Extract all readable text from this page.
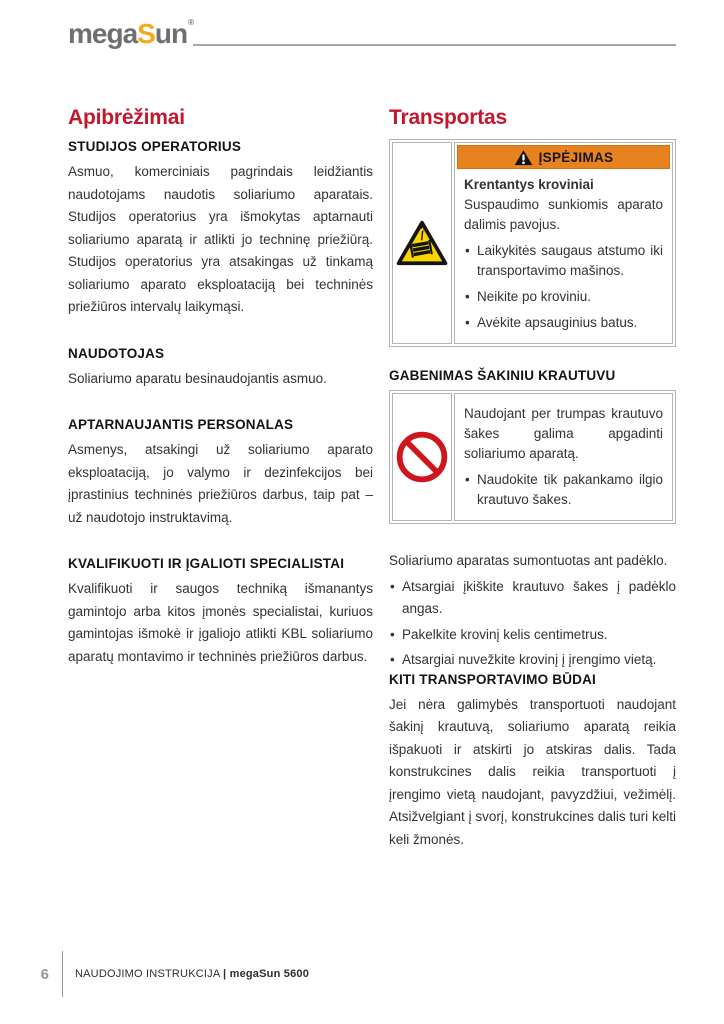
megaSun®
Apibrėžimai
STUDIJOS OPERATORIUS

Asmuo, komerciniais pagrindais leidžiantis naudotojams naudotis soliariumo aparatais. Studijos operatorius yra išmokytas aptarnauti soliariumo aparatą ir atlikti jo techninę priežiūrą. Studijos operatorius yra atsakingas už tinkamą soliariumo aparato eksploataciją bei techninės priežiūros intervalų laikymąsi.

NAUDOTOJAS

Soliariumo aparatu besinaudojantis asmuo.

APTARNAUJANTIS PERSONALAS

Asmenys, atsakingi už soliariumo aparato eksploataciją, jo valymo ir dezinfekcijos bei įprastinius techninės priežiūros darbus, taip pat – už naudotojo instruktavimą.

KVALIFIKUOTI IR ĮGALIOTI SPECIALISTAI

Kvalifikuoti ir saugos techniką išmanantys gamintojo arba kitos įmonės specialistai, kuriuos gamintojas išmokė ir įgaliojo atlikti KBL soliariumo aparatų montavimo ir techninės priežiūros darbus.

Transportas
ĮSPĖJIMAS

Krentantys kroviniai

Suspaudimo sunkiomis aparato dalimis pavojus.

• Laikykitės saugaus atstumo iki transportavimo mašinos.
• Neikite po kroviniu.
• Avėkite apsauginius batus.
GABENIMAS ŠAKINIU KRAUTUVU

Naudojant per trumpas krautuvo šakes galima apgadinti soliariumo aparatą.

• Naudokite tik pakankamo ilgio krautuvo šakes.

Soliariumo aparatas sumontuotas ant padėklo.

• Atsargiai įkiškite krautuvo šakes į padėklo angas.
• Pakelkite krovinį kelis centimetrus.
• Atsargiai nuvežkite krovinį į įrengimo vietą.
KITI TRANSPORTAVIMO BŪDAI

Jei nėra galimybės transportuoti naudojant šakinį krautuvą, soliariumo aparatą reikia išpakuoti ir atskirti jo atskiras dalis. Tada konstrukcines dalis reikia transportuoti į įrengimo vietą naudojant, pavyzdžiui, vežimėlį. Atsižvelgiant į svorį, konstrukcines dalis turi kelti keli žmonės.

6	NAUDOJIMO INSTRUKCIJA | megaSun 5600
